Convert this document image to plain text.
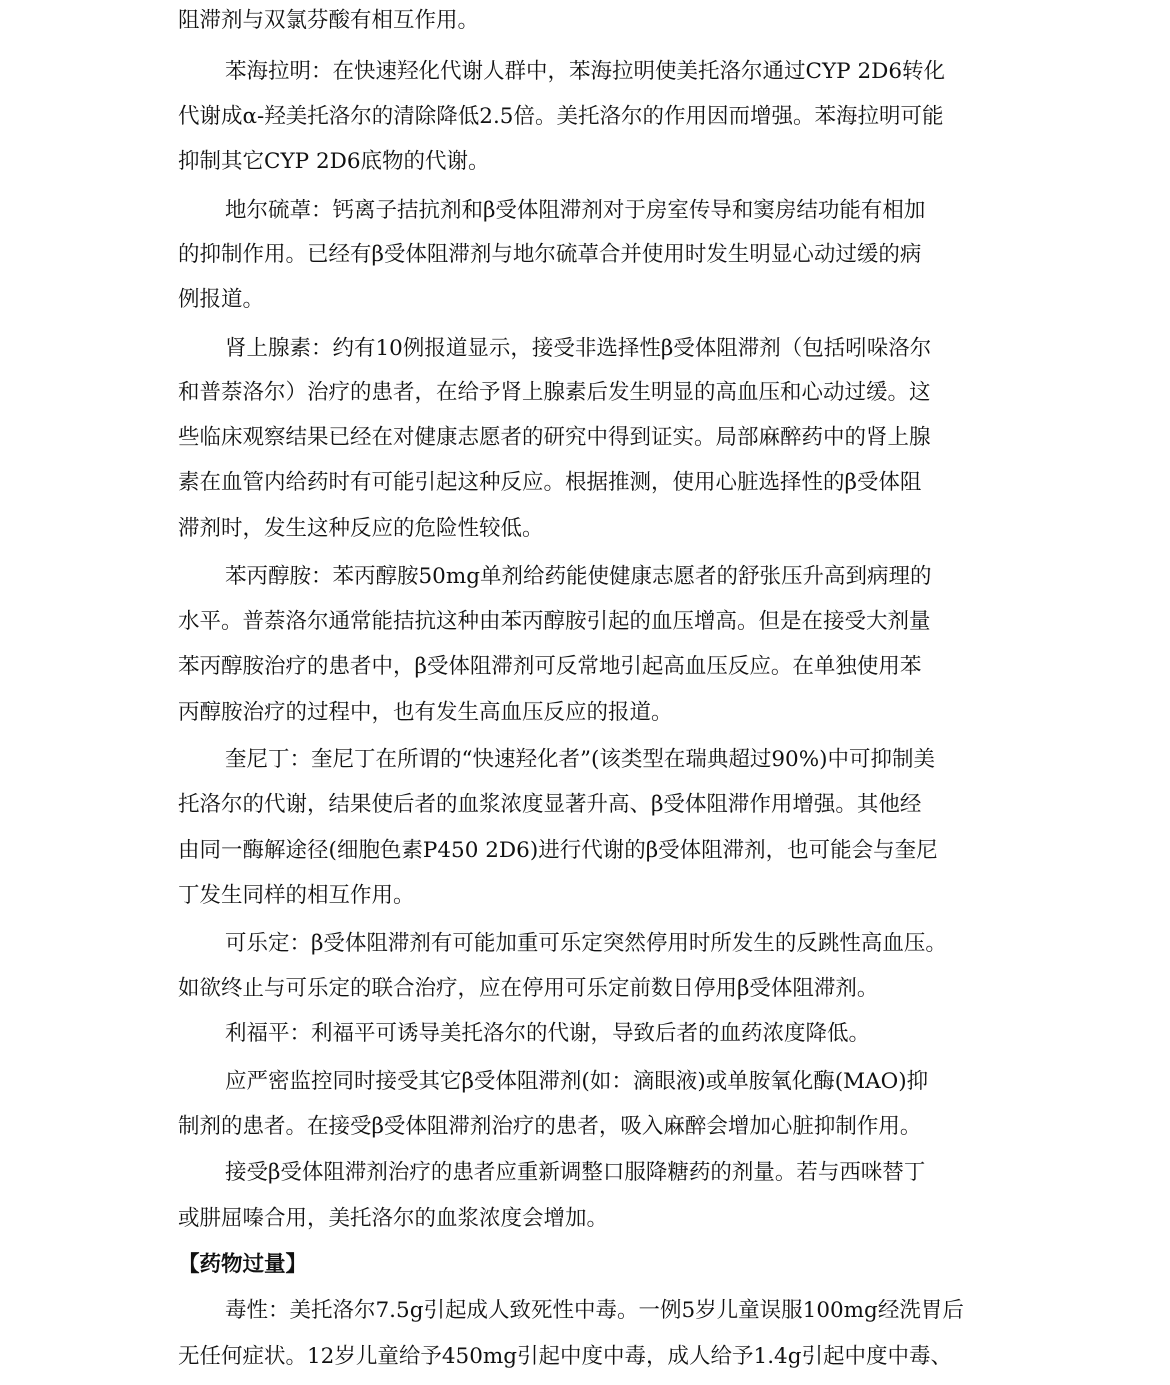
阻滞剂与双氯芬酸有相互作用。
苯海拉明：在快速羟化代谢人群中，苯海拉明使美托洛尔通过CYP 2D6转化
代谢成α-羟美托洛尔的清除降低2.5倍。美托洛尔的作用因而增强。苯海拉明可能
抑制其它CYP 2D6底物的代谢。
地尔硫䓬：钙离子拮抗剂和β受体阻滞剂对于房室传导和窦房结功能有相加
的抑制作用。已经有β受体阻滞剂与地尔硫䓬合并使用时发生明显心动过缓的病
例报道。
肾上腺素：约有10例报道显示，接受非选择性β受体阻滞剂（包括吲哚洛尔
和普萘洛尔）治疗的患者，在给予肾上腺素后发生明显的高血压和心动过缓。这
些临床观察结果已经在对健康志愿者的研究中得到证实。局部麻醉药中的肾上腺
素在血管内给药时有可能引起这种反应。根据推测，使用心脏选择性的β受体阻
滞剂时，发生这种反应的危险性较低。
苯丙醇胺：苯丙醇胺50mg单剂给药能使健康志愿者的舒张压升高到病理的
水平。普萘洛尔通常能拮抗这种由苯丙醇胺引起的血压增高。但是在接受大剂量
苯丙醇胺治疗的患者中，β受体阻滞剂可反常地引起高血压反应。在单独使用苯
丙醇胺治疗的过程中，也有发生高血压反应的报道。
奎尼丁：奎尼丁在所谓的“快速羟化者”(该类型在瑞典超过90%)中可抑制美
托洛尔的代谢，结果使后者的血浆浓度显著升高、β受体阻滞作用增强。其他经
由同一酶解途径(细胞色素P450 2D6)进行代谢的β受体阻滞剂，也可能会与奎尼
丁发生同样的相互作用。
可乐定：β受体阻滞剂有可能加重可乐定突然停用时所发生的反跳性高血压。
如欲终止与可乐定的联合治疗，应在停用可乐定前数日停用β受体阻滞剂。
利福平：利福平可诱导美托洛尔的代谢，导致后者的血药浓度降低。
应严密监控同时接受其它β受体阻滞剂(如：滴眼液)或单胺氧化酶(MAO)抑
制剂的患者。在接受β受体阻滞剂治疗的患者，吸入麻醉会增加心脏抑制作用。
接受β受体阻滞剂治疗的患者应重新调整口服降糖药的剂量。若与西咪替丁
或肼屈嗪合用，美托洛尔的血浆浓度会增加。
【药物过量】
毒性：美托洛尔7.5g引起成人致死性中毒。一例5岁儿童误服100mg经洗胃后
无任何症状。12岁儿童给予450mg引起中度中毒，成人给予1.4g引起中度中毒、
